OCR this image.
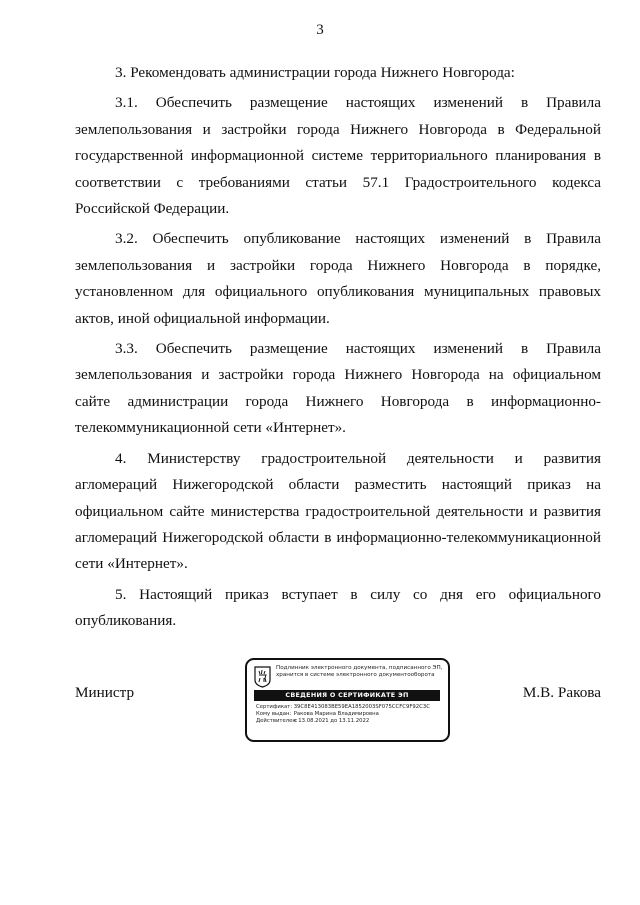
3

3. Рекомендовать администрации города Нижнего Новгорода:

3.1. Обеспечить размещение настоящих изменений в Правила землепользования и застройки города Нижнего Новгорода в Федеральной государственной информационной системе территориального планирования в соответствии с требованиями статьи 57.1 Градостроительного кодекса Российской Федерации.

3.2. Обеспечить опубликование настоящих изменений в Правила землепользования и застройки города Нижнего Новгорода в порядке, установленном для официального опубликования муниципальных правовых актов, иной официальной информации.

3.3. Обеспечить размещение настоящих изменений в Правила землепользования и застройки города Нижнего Новгорода на официальном сайте администрации города Нижнего Новгорода в информационно-телекоммуникационной сети «Интернет».

4. Министерству градостроительной деятельности и развития агломераций Нижегородской области разместить настоящий приказ на официальном сайте министерства градостроительной деятельности и развития агломераций Нижегородской области в информационно-телекоммуникационной сети «Интернет».

5. Настоящий приказ вступает в силу со дня его официального опубликования.

Министр
Подлинник электронного документа, подписанного ЭП,
хранится в системе электронного документооборота
СВЕДЕНИЯ О СЕРТИФИКАТЕ ЭП
Сертификат: 39C8E413083BE59EA1852003SF075CCFC9F92C3C
Кому выдан: Ракова Марина Владимировна
Действителен: с 13.08.2021 до 13.11.2022
М.В. Ракова
